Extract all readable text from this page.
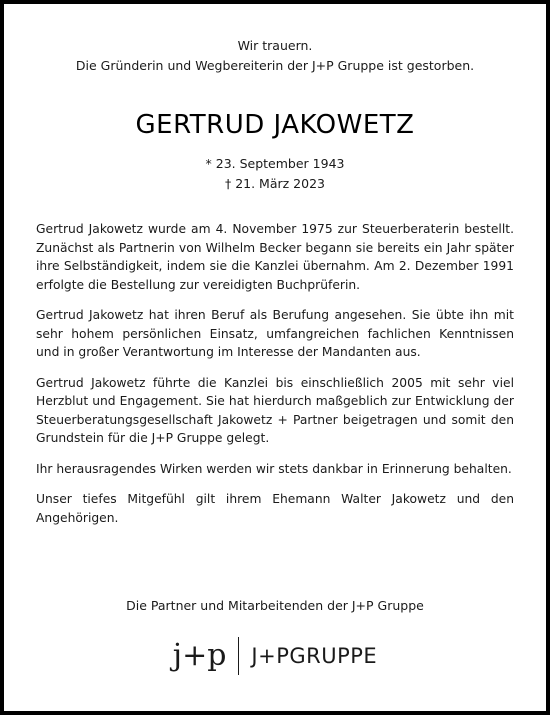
Wir trauern.
Die Gründerin und Wegbereiterin der J+P Gruppe ist gestorben.
GERTRUD JAKOWETZ
* 23. September 1943
† 21. März 2023

Gertrud Jakowetz wurde am 4. November 1975 zur Steuerberaterin bestellt. Zunächst als Partnerin von Wilhelm Becker begann sie bereits ein Jahr später ihre Selbständigkeit, indem sie die Kanzlei übernahm. Am 2. Dezember 1991 erfolgte die Bestellung zur vereidigten Buchprüferin.

Gertrud Jakowetz hat ihren Beruf als Berufung angesehen. Sie übte ihn mit sehr hohem persönlichen Einsatz, umfangreichen fachlichen Kenntnissen und in großer Verantwortung im Interesse der Mandanten aus.

Gertrud Jakowetz führte die Kanzlei bis einschließlich 2005 mit sehr viel Herzblut und Engagement. Sie hat hierdurch maßgeblich zur Entwicklung der Steuerberatungsgesellschaft Jakowetz + Partner beigetragen und somit den Grundstein für die J+P Gruppe gelegt.

Ihr herausragendes Wirken werden wir stets dankbar in Erinnerung behalten.

Unser tiefes Mitgefühl gilt ihrem Ehemann Walter Jakowetz und den Angehörigen.

Die Partner und Mitarbeitenden der J+P Gruppe
j+p J+PGRUPPE
